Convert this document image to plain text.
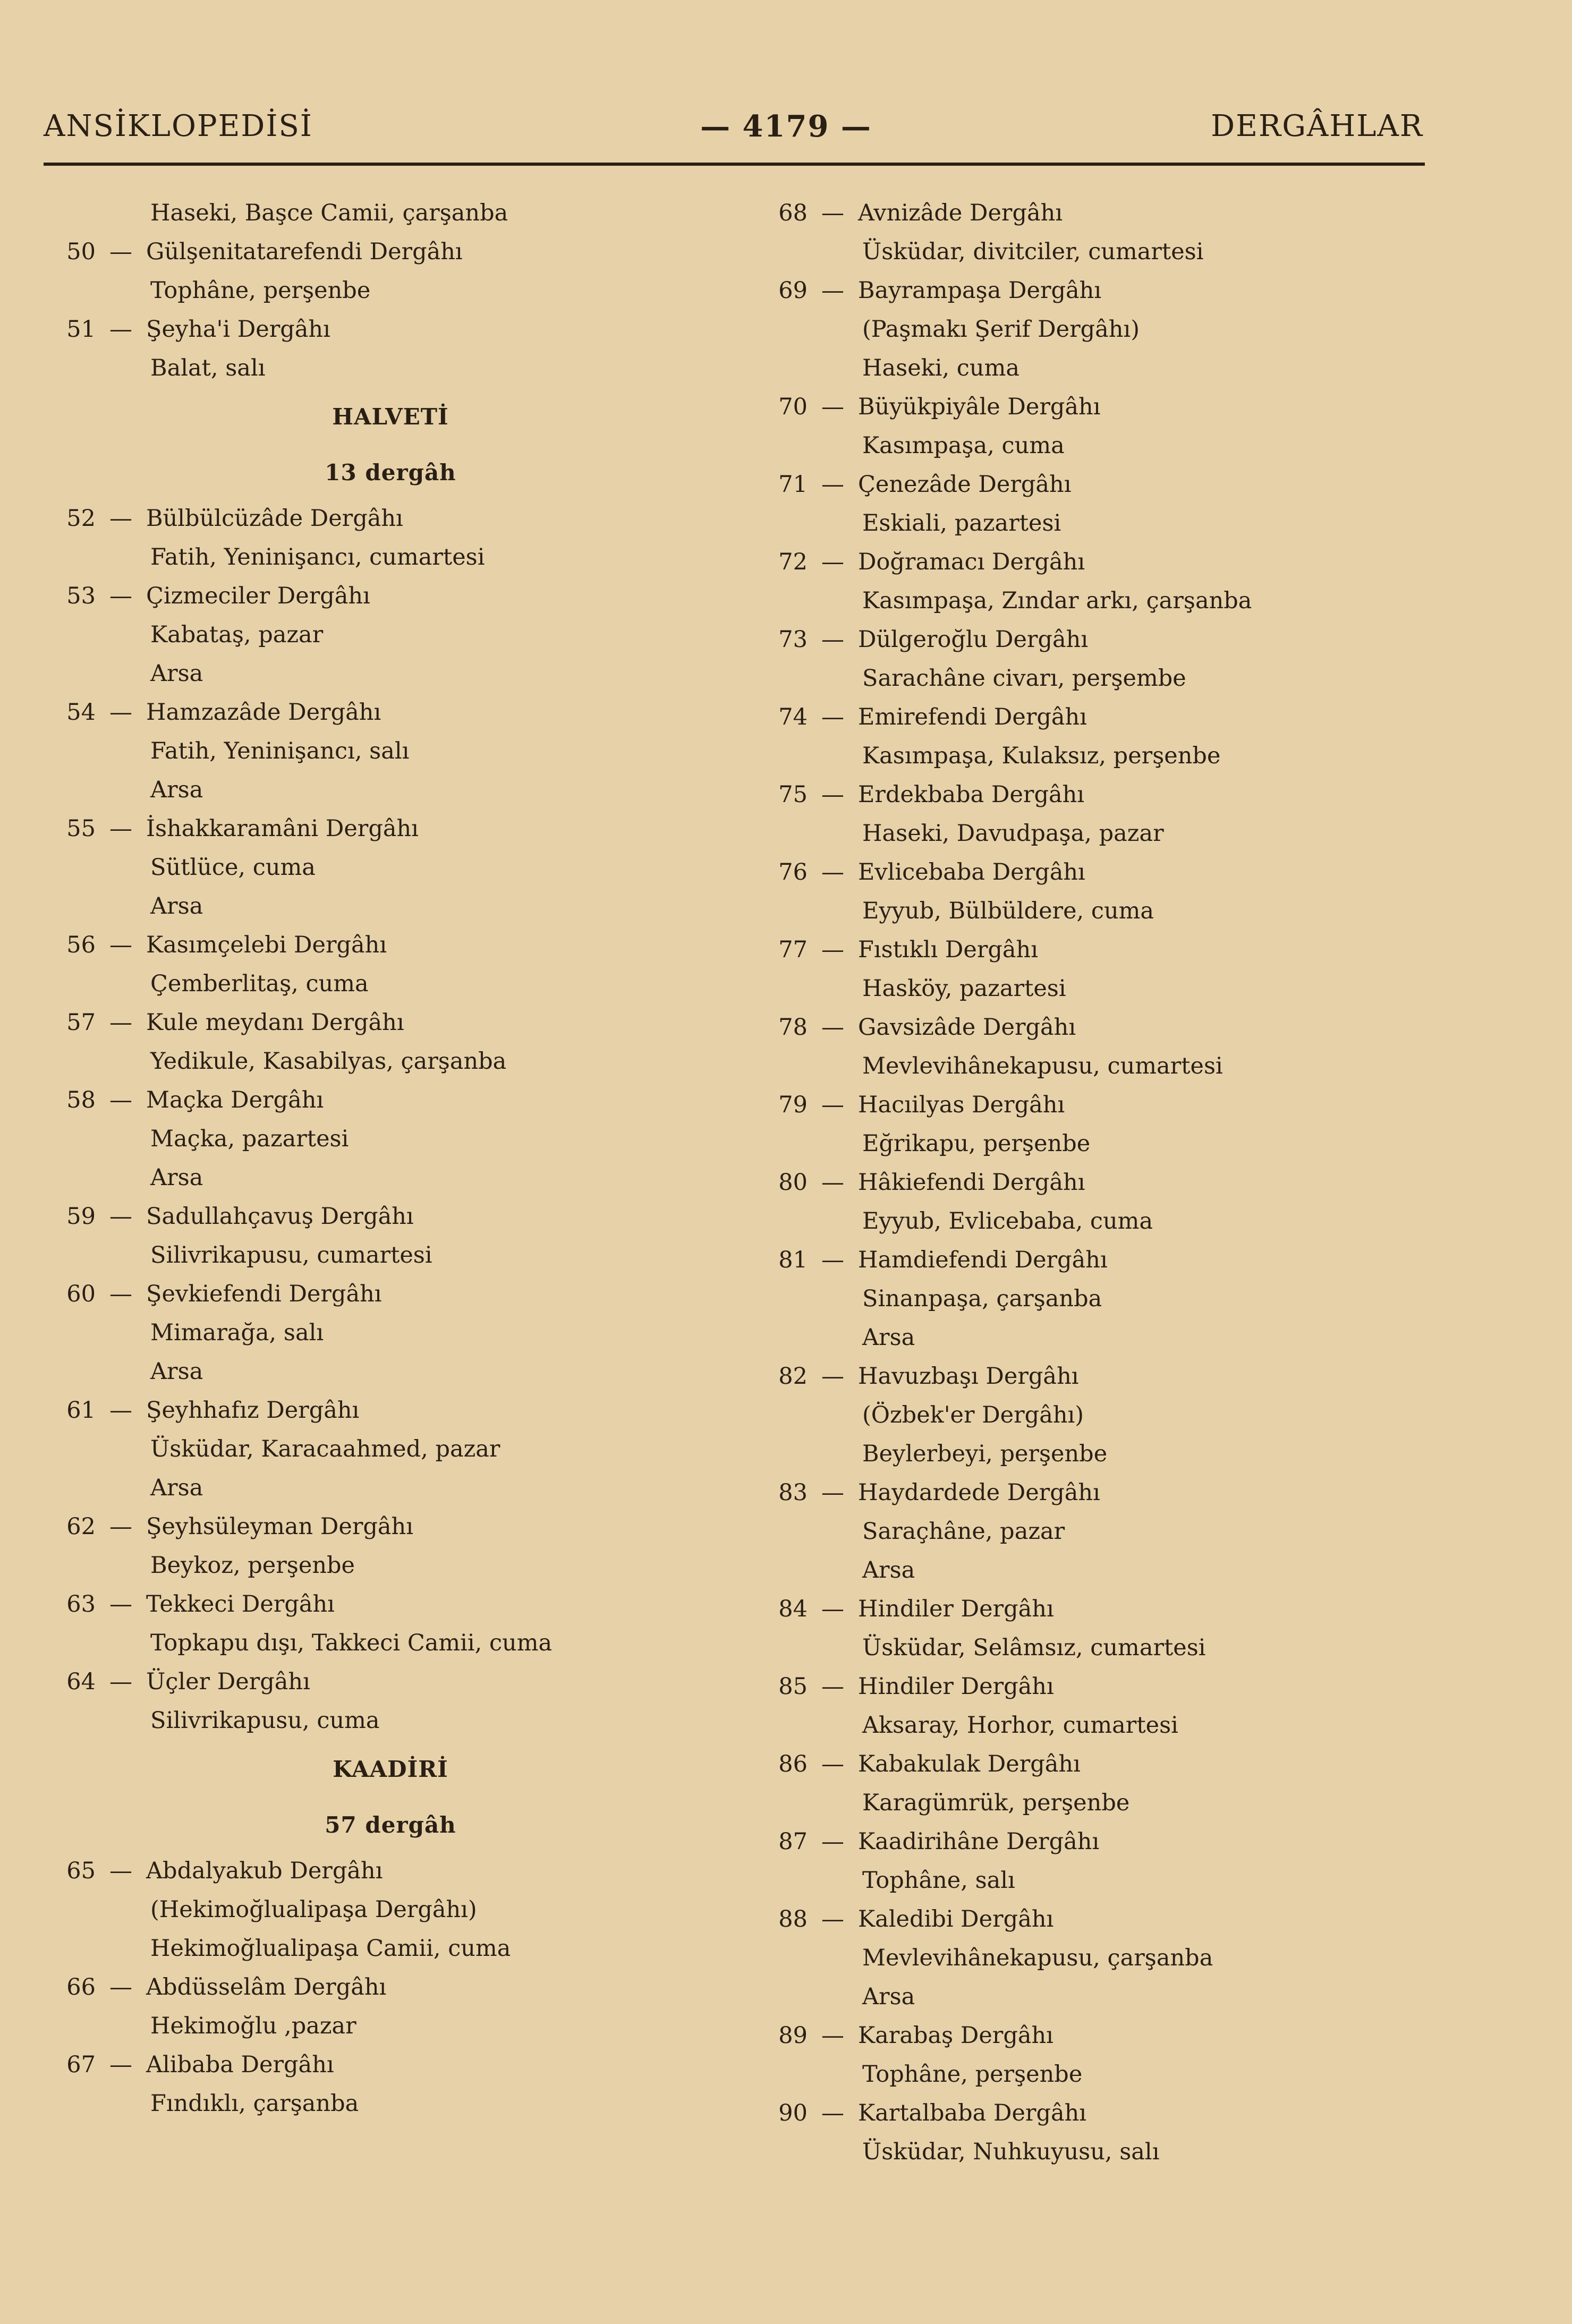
ANSİKLOPEDİSİ	— 4179 —	DERGÂHLAR
Haseki, Başce Camii, çarşanba
50 — Gülşenitatarefendi Dergâhı
Tophâne, perşenbe
51 — Şeyha'i Dergâhı
Balat, salı
HALVETİ
13 dergâh
52 — Bülbülcüzâde Dergâhı
Fatih, Yeninişancı, cumartesi
53 — Çizmeciler Dergâhı
Kabataş, pazar
Arsa
54 — Hamzazâde Dergâhı
Fatih, Yeninişancı, salı
Arsa
55 — İshakkaramâni Dergâhı
Sütlüce, cuma
Arsa
56 — Kasımçelebi Dergâhı
Çemberlitaş, cuma
57 — Kule meydanı Dergâhı
Yedikule, Kasabilyas, çarşanba
58 — Maçka Dergâhı
Maçka, pazartesi
Arsa
59 — Sadullahçavuş Dergâhı
Silivrikapusu, cumartesi
60 — Şevkiefendi Dergâhı
Mimarağa, salı
Arsa
61 — Şeyhhafız Dergâhı
Üsküdar, Karacaahmed, pazar
Arsa
62 — Şeyhsüleyman Dergâhı
Beykoz, perşenbe
63 — Tekkeci Dergâhı
Topkapu dışı, Takkeci Camii, cuma
64 — Üçler Dergâhı
Silivrikapusu, cuma
KAADİRİ
57 dergâh
65 — Abdalyakub Dergâhı
(Hekimoğlualipaşa Dergâhı)
Hekimoğlualipaşa Camii, cuma
66 — Abdüsselâm Dergâhı
Hekimoğlu ,pazar
67 — Alibaba Dergâhı
Fındıklı, çarşanba
68 — Avnizâde Dergâhı
Üsküdar, divitciler, cumartesi
69 — Bayrampaşa Dergâhı
(Paşmakı Şerif Dergâhı)
Haseki, cuma
70 — Büyükpiyâle Dergâhı
Kasımpaşa, cuma
71 — Çenezâde Dergâhı
Eskiali, pazartesi
72 — Doğramacı Dergâhı
Kasımpaşa, Zındar arkı, çarşanba
73 — Dülgeroğlu Dergâhı
Sarachâne civarı, perşembe
74 — Emirefendi Dergâhı
Kasımpaşa, Kulaksız, perşenbe
75 — Erdekbaba Dergâhı
Haseki, Davudpaşa, pazar
76 — Evlicebaba Dergâhı
Eyyub, Bülbüldere, cuma
77 — Fıstıklı Dergâhı
Hasköy, pazartesi
78 — Gavsizâde Dergâhı
Mevlevihânekapusu, cumartesi
79 — Hacıilyas Dergâhı
Eğrikapu, perşenbe
80 — Hâkiefendi Dergâhı
Eyyub, Evlicebaba, cuma
81 — Hamdiefendi Dergâhı
Sinanpaşa, çarşanba
Arsa
82 — Havuzbaşı Dergâhı
(Özbek'er Dergâhı)
Beylerbeyi, perşenbe
83 — Haydardede Dergâhı
Saraçhâne, pazar
Arsa
84 — Hindiler Dergâhı
Üsküdar, Selâmsız, cumartesi
85 — Hindiler Dergâhı
Aksaray, Horhor, cumartesi
86 — Kabakulak Dergâhı
Karagümrük, perşenbe
87 — Kaadirihâne Dergâhı
Tophâne, salı
88 — Kaledibi Dergâhı
Mevlevihânekapusu, çarşanba
Arsa
89 — Karabaş Dergâhı
Tophâne, perşenbe
90 — Kartalbaba Dergâhı
Üsküdar, Nuhkuyusu, salı
